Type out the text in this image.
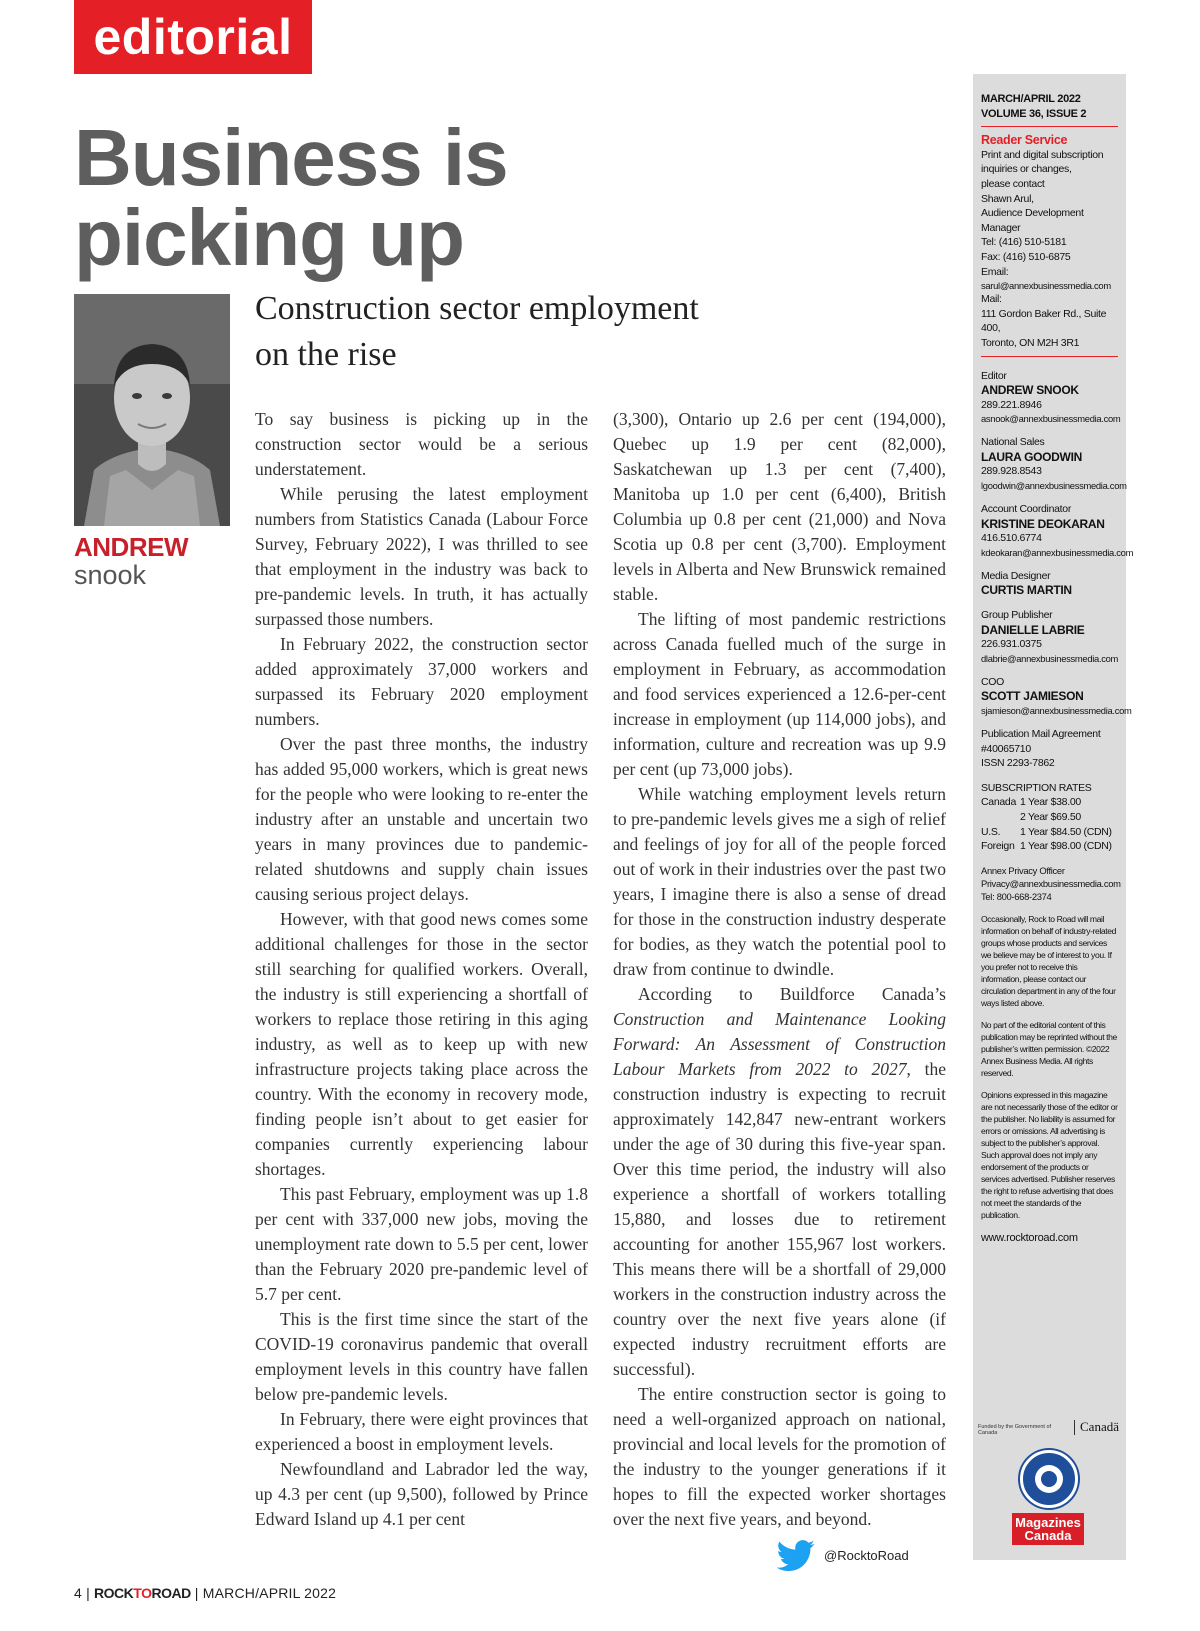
editorial
Business is
picking up
ANDREW
snook
Construction sector employment
on the rise

To say business is picking up in the construction sector would be a serious understatement.

While perusing the latest employment numbers from Statistics Canada (Labour Force Survey, February 2022), I was thrilled to see that employment in the industry was back to pre-pandemic levels. In truth, it has actually surpassed those numbers.

In February 2022, the construction sector added approximately 37,000 workers and surpassed its February 2020 employment numbers.

Over the past three months, the industry has added 95,000 workers, which is great news for the people who were looking to re-enter the industry after an unstable and uncertain two years in many provinces due to pandemic-related shutdowns and supply chain issues causing serious project delays.

However, with that good news comes some additional challenges for those in the sector still searching for qualified workers. Overall, the industry is still experiencing a shortfall of workers to replace those retiring in this aging industry, as well as to keep up with new infrastructure projects taking place across the country. With the economy in recovery mode, finding people isn’t about to get easier for companies currently experiencing labour shortages.

This past February, employment was up 1.8 per cent with 337,000 new jobs, moving the unemployment rate down to 5.5 per cent, lower than the February 2020 pre-pandemic level of 5.7 per cent.

This is the first time since the start of the COVID-19 coronavirus pandemic that overall employment levels in this country have fallen below pre-pandemic levels.

In February, there were eight provinces that experienced a boost in employment levels.

Newfoundland and Labrador led the way, up 4.3 per cent (up 9,500), followed by Prince Edward Island up 4.1 per cent

(3,300), Ontario up 2.6 per cent (194,000), Quebec up 1.9 per cent (82,000), Saskatchewan up 1.3 per cent (7,400), Manitoba up 1.0 per cent (6,400), British Columbia up 0.8 per cent (21,000) and Nova Scotia up 0.8 per cent (3,700). Employment levels in Alberta and New Brunswick remained stable.

The lifting of most pandemic restrictions across Canada fuelled much of the surge in employment in February, as accommodation and food services experienced a 12.6-per-cent increase in employment (up 114,000 jobs), and information, culture and recreation was up 9.9 per cent (up 73,000 jobs).

While watching employment levels return to pre-pandemic levels gives me a sigh of relief and feelings of joy for all of the people forced out of work in their industries over the past two years, I imagine there is also a sense of dread for those in the construction industry desperate for bodies, as they watch the potential pool to draw from continue to dwindle.

According to Buildforce Canada’s Construction and Maintenance Looking Forward: An Assessment of Construction Labour Markets from 2022 to 2027, the construction industry is expecting to recruit approximately 142,847 new-entrant workers under the age of 30 during this five-year span. Over this time period, the industry will also experience a shortfall of workers totalling 15,880, and losses due to retirement accounting for another 155,967 lost workers. This means there will be a shortfall of 29,000 workers in the construction industry across the country over the next five years alone (if expected industry recruitment efforts are successful).

The entire construction sector is going to need a well-organized approach on national, provincial and local levels for the promotion of the industry to the younger generations if it hopes to fill the expected worker shortages over the next five years, and beyond.

MARCH/APRIL 2022
VOLUME 36, ISSUE 2
Reader Service
Print and digital subscription
inquiries or changes,
please contact
Shawn Arul,
Audience Development Manager
Tel: (416) 510-5181
Fax: (416) 510-6875
Email:
sarul@annexbusinessmedia.com
Mail:
111 Gordon Baker Rd., Suite 400,
Toronto, ON M2H 3R1
Editor
ANDREW SNOOK
289.221.8946
asnook@annexbusinessmedia.com
National Sales
LAURA GOODWIN
289.928.8543
lgoodwin@annexbusinessmedia.com
Account Coordinator
KRISTINE DEOKARAN
416.510.6774
kdeokaran@annexbusinessmedia.com
Media Designer
CURTIS MARTIN
Group Publisher
DANIELLE LABRIE
226.931.0375
dlabrie@annexbusinessmedia.com
COO
SCOTT JAMIESON
sjamieson@annexbusinessmedia.com
Publication Mail Agreement
#40065710
ISSN 2293-7862
SUBSCRIPTION RATES
Canada	1 Year $38.00
	2 Year $69.50
U.S.	1 Year $84.50 (CDN)
Foreign	1 Year $98.00 (CDN)
Annex Privacy Officer
Privacy@annexbusinessmedia.com
Tel: 800-668-2374
Occasionally, Rock to Road will mail information on behalf of industry-related groups whose products and services we believe may be of interest to you. If you prefer not to receive this information, please contact our circulation department in any of the four ways listed above.
No part of the editorial content of this publication may be reprinted without the publisher’s written permission. ©2022 Annex Business Media. All rights reserved.
Opinions expressed in this magazine are not necessarily those of the editor or the publisher. No liability is assumed for errors or omissions. All advertising is subject to the publisher’s approval. Such approval does not imply any endorsement of the products or services advertised. Publisher reserves the right to refuse advertising that does not meet the standards of the publication.
www.rocktoroad.com
Funded by the Government of Canada	Canadä
Magazines
Canada
@RocktoRoad
4 | ROCKTOROAD | MARCH/APRIL 2022
